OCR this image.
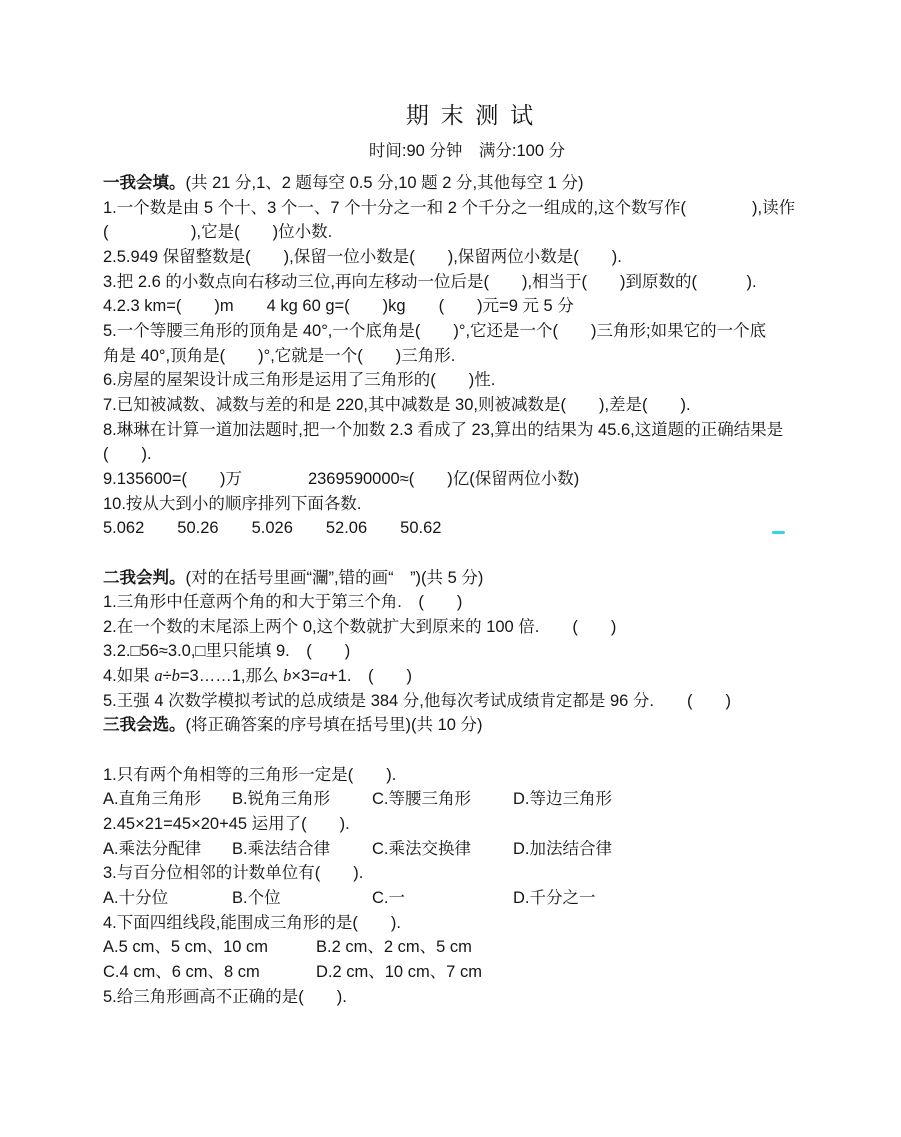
期 末 测 试
时间:90 分钟　满分:100 分
一我会填。(共 21 分,1、2 题每空 0.5 分,10 题 2 分,其他每空 1 分)
1.一个数是由 5 个十、3 个一、7 个十分之一和 2 个千分之一组成的,这个数写作(　　　　),读作
(　　　　　),它是(　　)位小数.
2.5.949 保留整数是(　　),保留一位小数是(　　),保留两位小数是(　　).
3.把 2.6 的小数点向右移动三位,再向左移动一位后是(　　),相当于(　　)到原数的(　　　).
4.2.3 km=(　　)m　　4 kg 60 g=(　　)kg　　(　　)元=9 元 5 分
5.一个等腰三角形的顶角是 40°,一个底角是(　　)°,它还是一个(　　)三角形;如果它的一个底
角是 40°,顶角是(　　)°,它就是一个(　　)三角形.
6.房屋的屋架设计成三角形是运用了三角形的(　　)性.
7.已知被减数、减数与差的和是 220,其中减数是 30,则被减数是(　　),差是(　　).
8.琳琳在计算一道加法题时,把一个加数 2.3 看成了 23,算出的结果为 45.6,这道题的正确结果是
(　　).
9.135600=(　　)万　　　　2369590000≈(　　)亿(保留两位小数)
10.按从大到小的顺序排列下面各数.
5.062　　50.26　　5.026　　52.06　　50.62
二我会判。(对的在括号里画“灛”,错的画“　”)(共 5 分)
1.三角形中任意两个角的和大于第三个角.　(　　)
2.在一个数的末尾添上两个 0,这个数就扩大到原来的 100 倍.　　(　　)
3.2.□56≈3.0,□里只能填 9.　(　　)
4.如果 a÷b=3……1,那么 b×3=a+1.　(　　)
5.王强 4 次数学模拟考试的总成绩是 384 分,他每次考试成绩肯定都是 96 分.　　(　　)
三我会选。(将正确答案的序号填在括号里)(共 10 分)
1.只有两个角相等的三角形一定是(　　).
A.直角三角形	B.锐角三角形	C.等腰三角形	D.等边三角形
2.45×21=45×20+45 运用了(　　).
A.乘法分配律	B.乘法结合律	C.乘法交换律	D.加法结合律
3.与百分位相邻的计数单位有(　　).
A.十分位	B.个位	C.一	D.千分之一
4.下面四组线段,能围成三角形的是(　　).
A.5 cm、5 cm、10 cm	B.2 cm、2 cm、5 cm
C.4 cm、6 cm、8 cm	D.2 cm、10 cm、7 cm
5.给三角形画高不正确的是(　　).
